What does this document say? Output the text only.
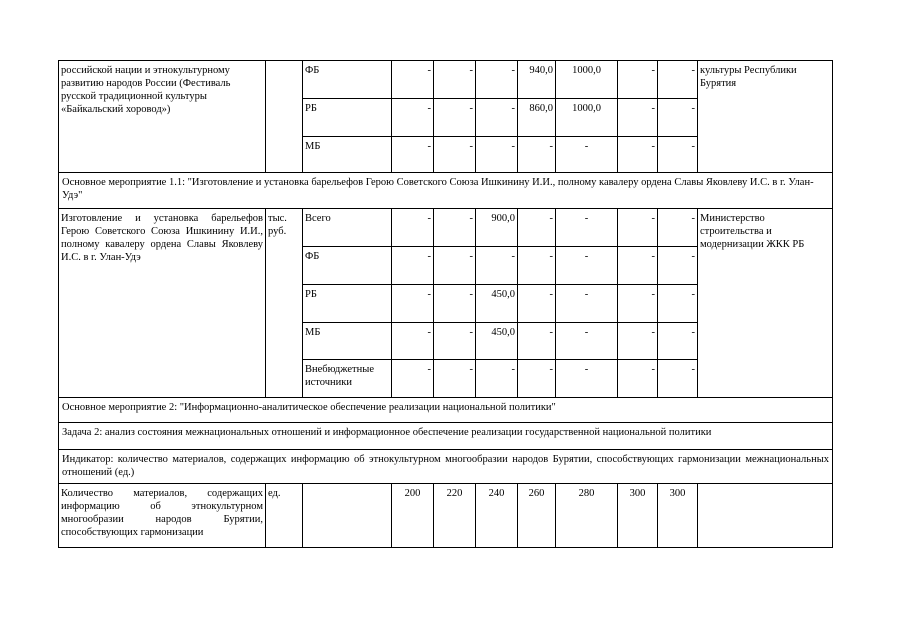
российской нации и этнокультурному развитию народов России (Фестиваль русской традиционной культуры «Байкальский хоровод»)		ФБ	-	-	-	940,0	1000,0	-	-	культуры Республики Бурятия
		РБ	-	-	-	860,0	1000,0	-	-	
		МБ	-	-	-	-	-	-	-	
Основное мероприятие 1.1: "Изготовление и установка барельефов Герою Советского Союза Ишкинину И.И., полному кавалеру ордена Славы Яковлеву И.С. в г. Улан-Удэ"										
Изготовление и установка барельефов Герою Советского Союза Ишкинину И.И., полному кавалеру ордена Славы Яковлеву И.С. в г. Улан-Удэ	тыс. руб.	Всего	-	-	900,0	-	-	-	-	Министерство строительства и модернизации ЖКК РБ
		ФБ	-	-	-	-	-	-	-	
		РБ	-	-	450,0	-	-	-	-	
		МБ	-	-	450,0	-	-	-	-	
		Внебюджетные источники	-	-	-	-	-	-	-	
Основное мероприятие 2: "Информационно-аналитическое обеспечение реализации национальной политики"										
Задача 2: анализ состояния межнациональных отношений и информационное обеспечение реализации государственной национальной политики										
Индикатор: количество материалов, содержащих информацию об этнокультурном многообразии народов Бурятии, способствующих гармонизации межнациональных отношений (ед.)										
Количество материалов, содержащих информацию об этнокультурном многообразии народов Бурятии, способствующих гармонизации	ед.		200	220	240	260	280	300	300	
